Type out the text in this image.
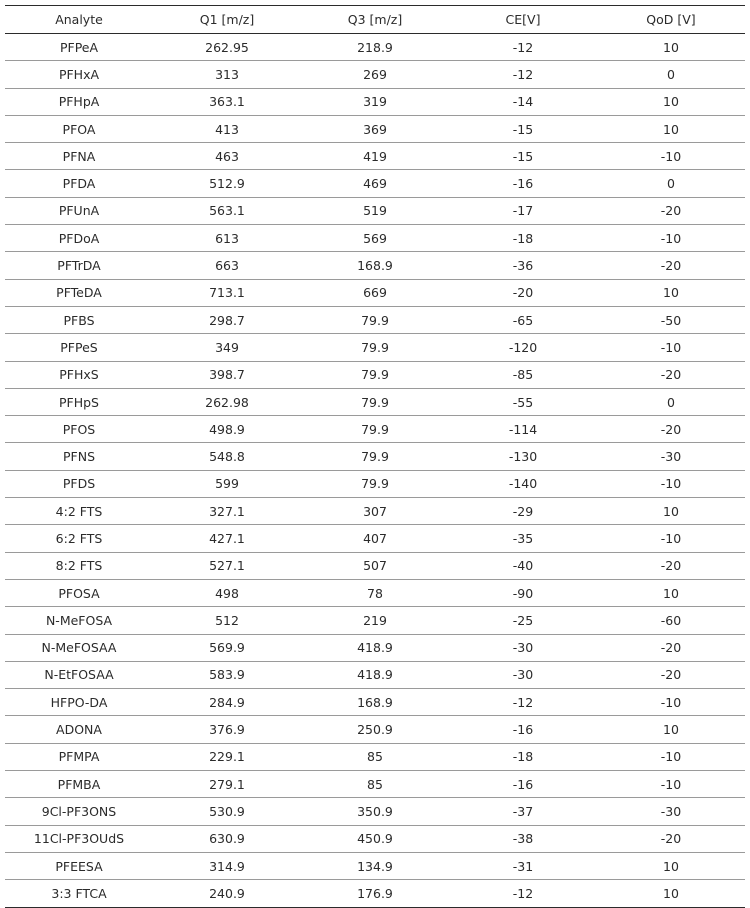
Analyte	Q1 [m/z]	Q3 [m/z]	CE[V]	QoD [V]
PFPeA	262.95	218.9	-12	10
PFHxA	313	269	-12	0
PFHpA	363.1	319	-14	10
PFOA	413	369	-15	10
PFNA	463	419	-15	-10
PFDA	512.9	469	-16	0
PFUnA	563.1	519	-17	-20
PFDoA	613	569	-18	-10
PFTrDA	663	168.9	-36	-20
PFTeDA	713.1	669	-20	10
PFBS	298.7	79.9	-65	-50
PFPeS	349	79.9	-120	-10
PFHxS	398.7	79.9	-85	-20
PFHpS	262.98	79.9	-55	0
PFOS	498.9	79.9	-114	-20
PFNS	548.8	79.9	-130	-30
PFDS	599	79.9	-140	-10
4:2 FTS	327.1	307	-29	10
6:2 FTS	427.1	407	-35	-10
8:2 FTS	527.1	507	-40	-20
PFOSA	498	78	-90	10
N-MeFOSA	512	219	-25	-60
N-MeFOSAA	569.9	418.9	-30	-20
N-EtFOSAA	583.9	418.9	-30	-20
HFPO-DA	284.9	168.9	-12	-10
ADONA	376.9	250.9	-16	10
PFMPA	229.1	85	-18	-10
PFMBA	279.1	85	-16	-10
9Cl-PF3ONS	530.9	350.9	-37	-30
11Cl-PF3OUdS	630.9	450.9	-38	-20
PFEESA	314.9	134.9	-31	10
3:3 FTCA	240.9	176.9	-12	10
